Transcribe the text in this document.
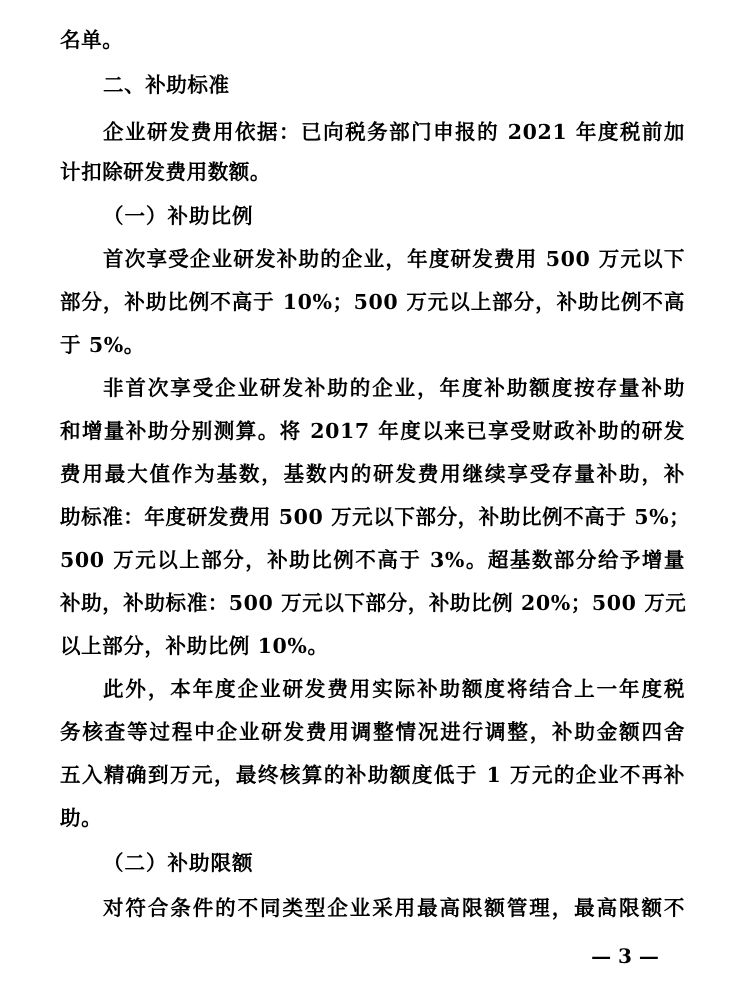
名单。
二、补助标准
企业研发费用依据：已向税务部门申报的 2021 年度税前加
计扣除研发费用数额。
（一）补助比例
首次享受企业研发补助的企业，年度研发费用 500 万元以下
部分，补助比例不高于 10%；500 万元以上部分，补助比例不高
于 5%。
非首次享受企业研发补助的企业，年度补助额度按存量补助
和增量补助分别测算。将 2017 年度以来已享受财政补助的研发
费用最大值作为基数，基数内的研发费用继续享受存量补助，补
助标准：年度研发费用 500 万元以下部分，补助比例不高于 5%；
500 万元以上部分，补助比例不高于 3%。超基数部分给予增量
补助，补助标准：500 万元以下部分，补助比例 20%；500 万元
以上部分，补助比例 10%。
此外，本年度企业研发费用实际补助额度将结合上一年度税
务核查等过程中企业研发费用调整情况进行调整，补助金额四舍
五入精确到万元，最终核算的补助额度低于 1 万元的企业不再补
助。
（二）补助限额
对符合条件的不同类型企业采用最高限额管理，最高限额不
— 3 —
